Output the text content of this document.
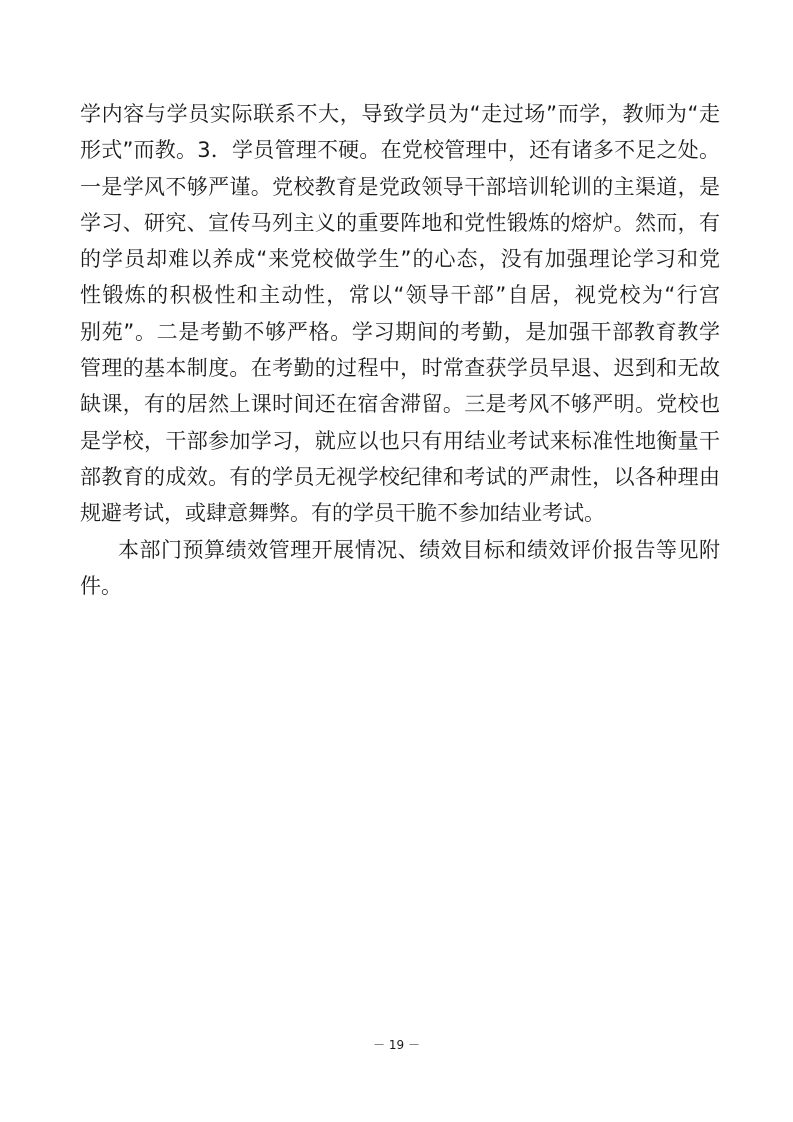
学内容与学员实际联系不大，导致学员为“走过场”而学，教师为“走
形式”而教。3．学员管理不硬。在党校管理中，还有诸多不足之处。
一是学风不够严谨。党校教育是党政领导干部培训轮训的主渠道，是
学习、研究、宣传马列主义的重要阵地和党性锻炼的熔炉。然而，有
的学员却难以养成“来党校做学生”的心态，没有加强理论学习和党
性锻炼的积极性和主动性，常以“领导干部”自居，视党校为“行宫
别苑”。二是考勤不够严格。学习期间的考勤，是加强干部教育教学
管理的基本制度。在考勤的过程中，时常查获学员早退、迟到和无故
缺课，有的居然上课时间还在宿舍滞留。三是考风不够严明。党校也
是学校，干部参加学习，就应以也只有用结业考试来标准性地衡量干
部教育的成效。有的学员无视学校纪律和考试的严肃性，以各种理由
规避考试，或肆意舞弊。有的学员干脆不参加结业考试。
本部门预算绩效管理开展情况、绩效目标和绩效评价报告等见附
件。
－ 19 －
